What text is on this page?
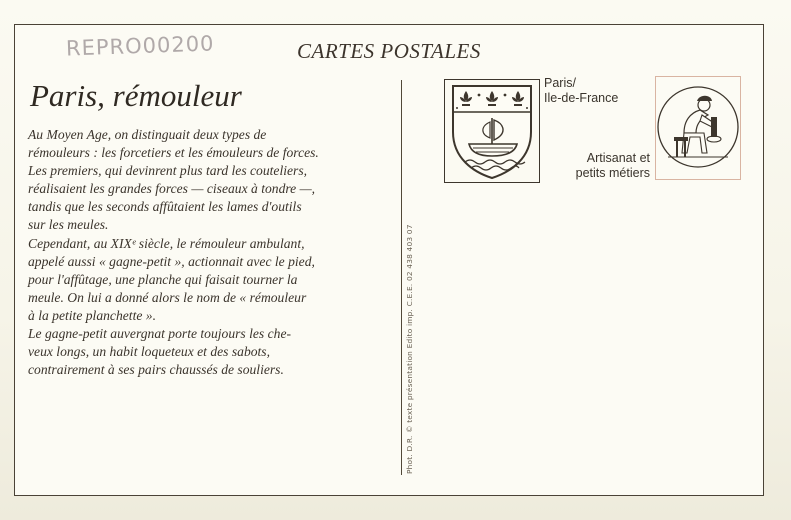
REPRO00200	CARTES POSTALES
Paris, rémouleur
Au Moyen Age, on distinguait deux types de
rémouleurs : les forcetiers et les émouleurs de forces.
Les premiers, qui devinrent plus tard les couteliers,
réalisaient les grandes forces — ciseaux à tondre —,
tandis que les seconds affûtaient les lames d'outils
sur les meules.
Cependant, au XIXᵉ siècle, le rémouleur ambulant,
appelé aussi « gagne-petit », actionnait avec le pied,
pour l'affûtage, une planche qui faisait tourner la
meule. On lui a donné alors le nom de « rémouleur
à la petite planchette ».
Le gagne-petit auvergnat porte toujours les che-
veux longs, un habit loqueteux et des sabots,
contrairement à ses pairs chaussés de souliers.	Phot. D.R. © texte présentation Edito imp. C.E.E. 02 438 403 07
Paris/
Ile-de-France
Artisanat et
petits métiers
